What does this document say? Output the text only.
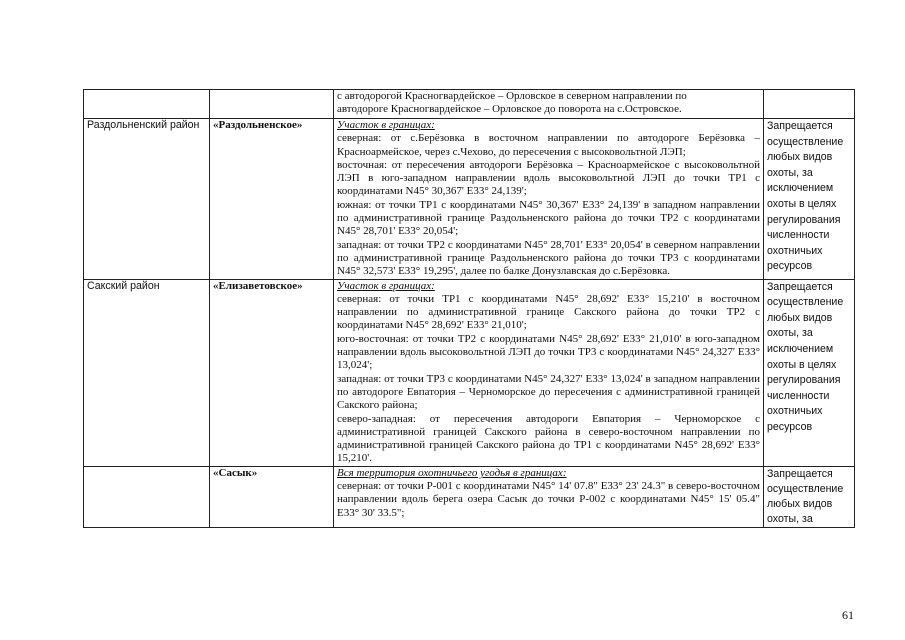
		с автодорогой Красногвардейское – Орловское в северном направлении по

автодороге Красногвардейское – Орловское до поворота на с.Островское.	

Раздольненский район	«Раздольненское»	Участок в границах:

северная: от с.Берёзовка в восточном направлении по автодороге Берёзовка – Красноармейское, через с.Чехово, до пересечения с высоковольтной ЛЭП;

восточная: от пересечения автодороги Берёзовка – Красноармейское с высоковольтной ЛЭП в юго-западном направлении вдоль высоковольтной ЛЭП до точки ТР1 с координатами N45° 30,367' E33° 24,139';

южная: от точки ТР1 с координатами N45° 30,367' E33° 24,139' в западном направлении по административной границе Раздольненского района до точки ТР2 с координатами N45° 28,701' E33° 20,054';

западная: от точки ТР2 с координатами N45° 28,701' E33° 20,054' в северном направлении по административной границе Раздольненского района до точки ТР3 с координатами N45° 32,573' E33° 19,295', далее по балке Донузлавская до с.Берёзовка.	Запрещается осуществление любых видов охоты, за исключением охоты в целях регулирования численности охотничьих ресурсов
Сакский район	«Елизаветовское»	Участок в границах:

северная: от точки ТР1 с координатами N45° 28,692' E33° 15,210' в восточном направлении по административной границе Сакского района до точки ТР2 с координатами N45° 28,692' E33° 21,010';

юго-восточная: от точки ТР2 с координатами N45° 28,692' E33° 21,010' в юго-западном направлении вдоль высоковольтной ЛЭП до точки ТР3 с координатами N45° 24,327' E33° 13,024';

западная: от точки ТР3 с координатами N45° 24,327' E33° 13,024' в западном направлении по автодороге Евпатория – Черноморское до пересечения с административной границей Сакского района;

северо-западная: от пересечения автодороги Евпатория – Черноморское с административной границей Сакского района в северо-восточном направлении по административной границей Сакского района до ТР1 с координатами N45° 28,692' E33° 15,210'.	Запрещается осуществление любых видов охоты, за исключением охоты в целях регулирования численности охотничьих ресурсов
	«Сасык»	Вся территория охотничьего угодья в границах:

северная: от точки Р-001 с координатами N45° 14' 07.8" E33° 23' 24.3" в северо-восточном направлении вдоль берега озера Сасык до точки Р-002 с координатами N45° 15' 05.4" E33° 30' 33.5";	Запрещается осуществление любых видов охоты, за
61
